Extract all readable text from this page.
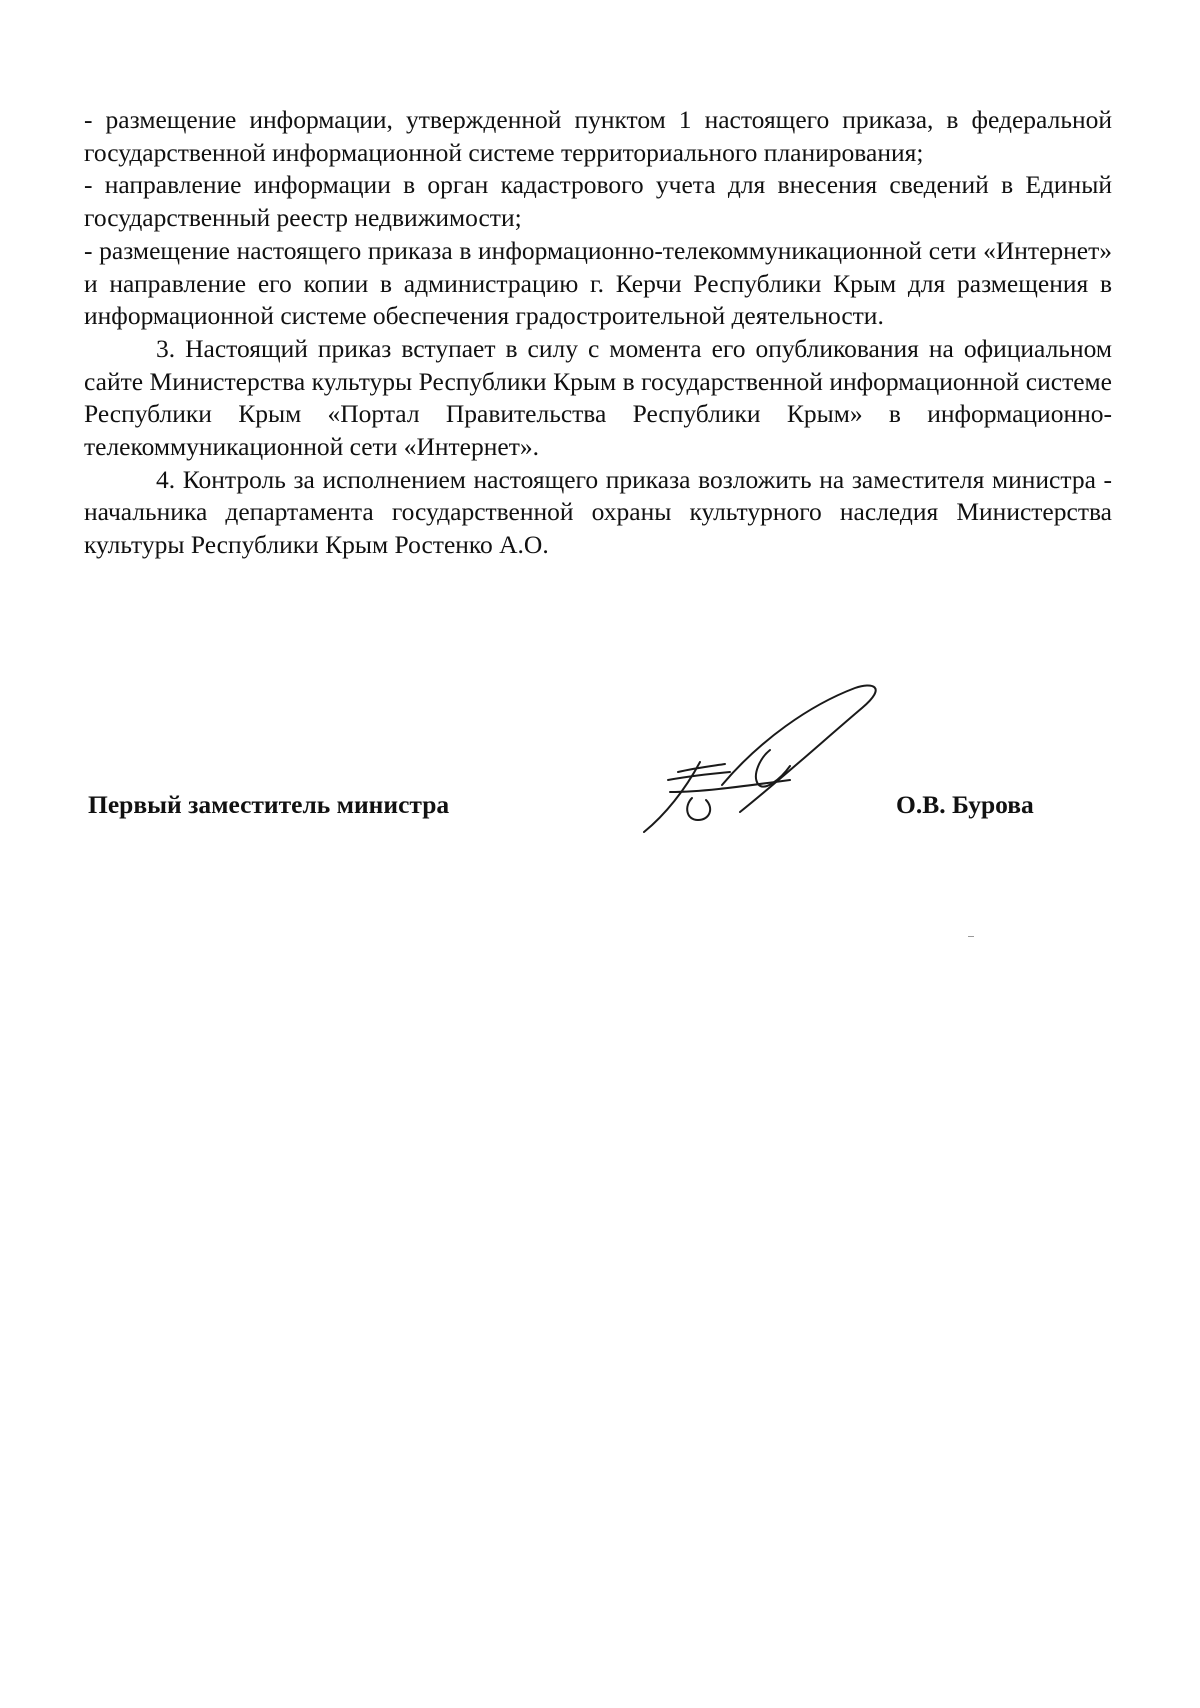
- размещение информации, утвержденной пунктом 1 настоящего приказа, в федеральной государственной информационной системе территориального планирования;

- направление информации в орган кадастрового учета для внесения сведений в Единый государственный реестр недвижимости;

- размещение настоящего приказа в информационно-телекоммуникационной сети «Интернет» и направление его копии в администрацию г. Керчи Республики Крым для размещения в информационной системе обеспечения градостроительной деятельности.

3. Настоящий приказ вступает в силу с момента его опубликования на официальном сайте Министерства культуры Республики Крым в государственной информационной системе Республики Крым «Портал Правительства Республики Крым» в информационно-телекоммуникационной сети «Интернет».

4. Контроль за исполнением настоящего приказа возложить на заместителя министра - начальника департамента государственной охраны культурного наследия Министерства культуры Республики Крым Ростенко А.О.

Первый заместитель министра	О.В. Бурова
